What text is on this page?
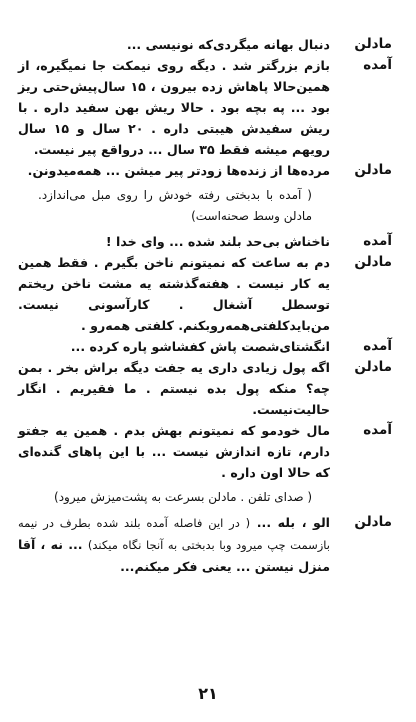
مادلن
دنبال بهانه میگردی‌که نونیسی ...
آمده
بازم بزرگتر شد . دیگه روی نیمکت جا نمیگیره، از همین‌حالا پاهاش زده بیرون ، ۱۵ سال‌پیش‌حتی ریز بود ... په بچه بود . حالا ریش بهن سفید داره . با ریش سفیدش هیبتی داره . ۲۰ سال و ۱۵ سال رویهم میشه فقط ۳۵ سال ... درواقع پیر نیست.
مادلن
مرده‌ها از زنده‌ها زودتر پیر میشن ... همه‌میدونن.
( آمده با بدبختی رفته خودش را روی مبل می‌اندازد. مادلن وسط صحنه‌است)
آمده
ناخناش بی‌حد بلند شده ... وای خدا !
مادلن
دم به ساعت که نمیتونم ناخن بگیرم . فقط همین یه کار نیست . هفته‌گذشته یه مشت ناخن ریختم توسطل آشغال . کارآسونی نیست. من‌بایدکلفتی‌همه‌رو‌بکنم. کلفتی همه‌رو .
آمده
انگشتای‌شصت پاش کفشاشو پاره کرده ...
مادلن
اگه پول زیادی داری یه جفت دیگه براش بخر . بمن چه؟ منکه پول بده نیستم . ما فقیریم . انگار حالیت‌نیست.
آمده
مال خودمو که نمیتونم بهش بدم . همین یه جفتو دارم، تازه اندازش نیست ... با این پاهای گنده‌ای که حالا اون داره .
( صدای تلفن . مادلن بسرعت به پشت‌میزش میرود)
مادلن
الو ، بله ... ( در این فاصله آمده بلند شده بطرف در نیمه بازسمت چپ میرود وبا بدبختی به آنجا نگاه میکند) ... نه ، آقا منزل نیستن ... یعنی فکر میکنم...
۲۱
